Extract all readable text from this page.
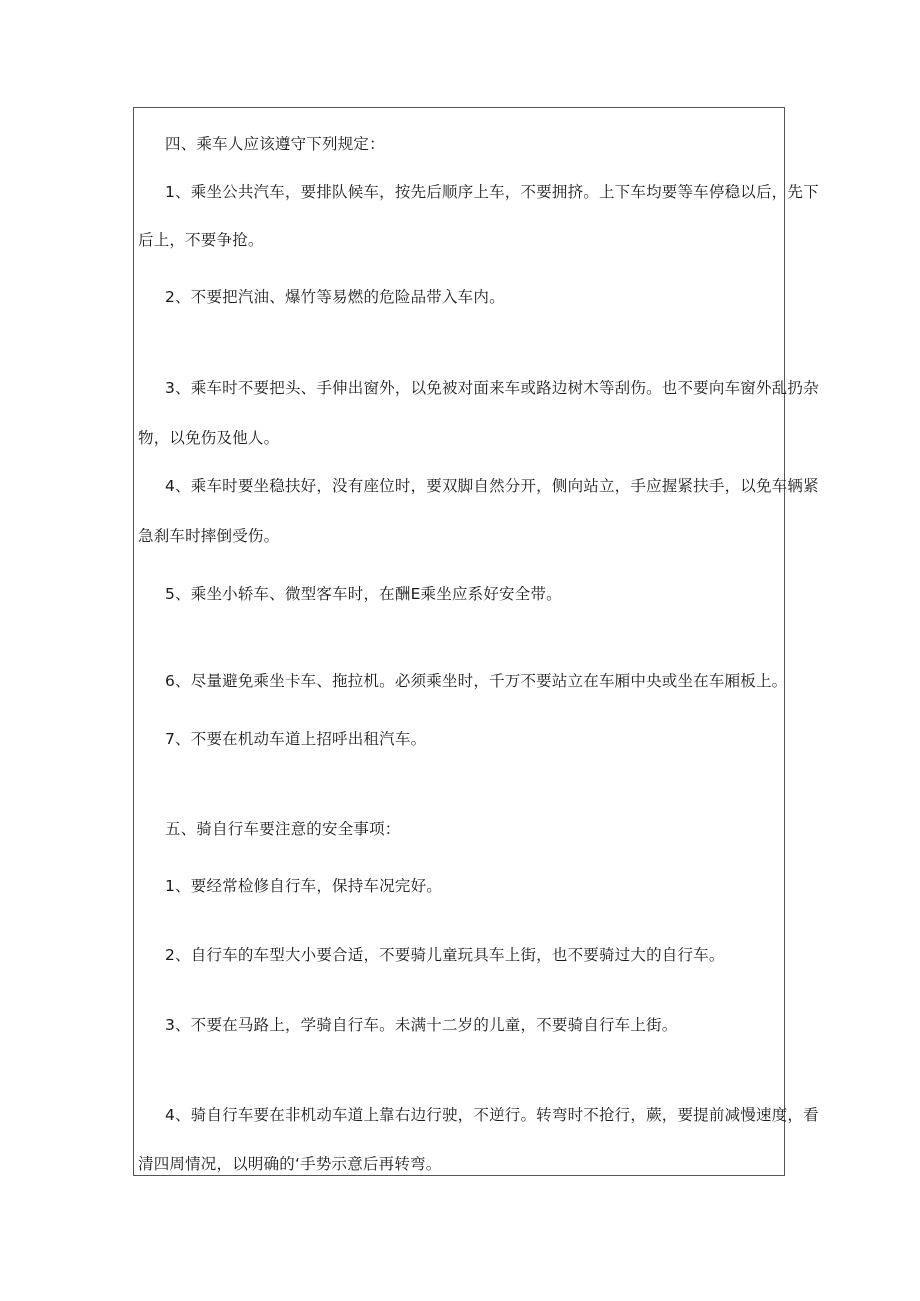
四、乘车人应该遵守下列规定：
1、乘坐公共汽车，要排队候车，按先后顺序上车，不要拥挤。上下车均要等车停稳以后，先下
后上，不要争抢。
2、不要把汽油、爆竹等易燃的危险品带入车内。
3、乘车时不要把头、手伸出窗外，以免被对面来车或路边树木等刮伤。也不要向车窗外乱扔杂
物，以免伤及他人。
4、乘车时要坐稳扶好，没有座位时，要双脚自然分开，侧向站立，手应握紧扶手，以免车辆紧
急刹车时摔倒受伤。
5、乘坐小轿车、微型客车时，在酬E乘坐应系好安全带。
6、尽量避免乘坐卡车、拖拉机。必须乘坐时，千万不要站立在车厢中央或坐在车厢板上。
7、不要在机动车道上招呼出租汽车。
五、骑自行车要注意的安全事项：
1、要经常检修自行车，保持车况完好。
2、自行车的车型大小要合适，不要骑儿童玩具车上街，也不要骑过大的自行车。
3、不要在马路上，学骑自行车。未满十二岁的儿童，不要骑自行车上街。
4、骑自行车要在非机动车道上靠右边行驶，不逆行。转弯时不抢行，蕨，要提前减慢速度，看
清四周情况，以明确的‘手势示意后再转弯。
